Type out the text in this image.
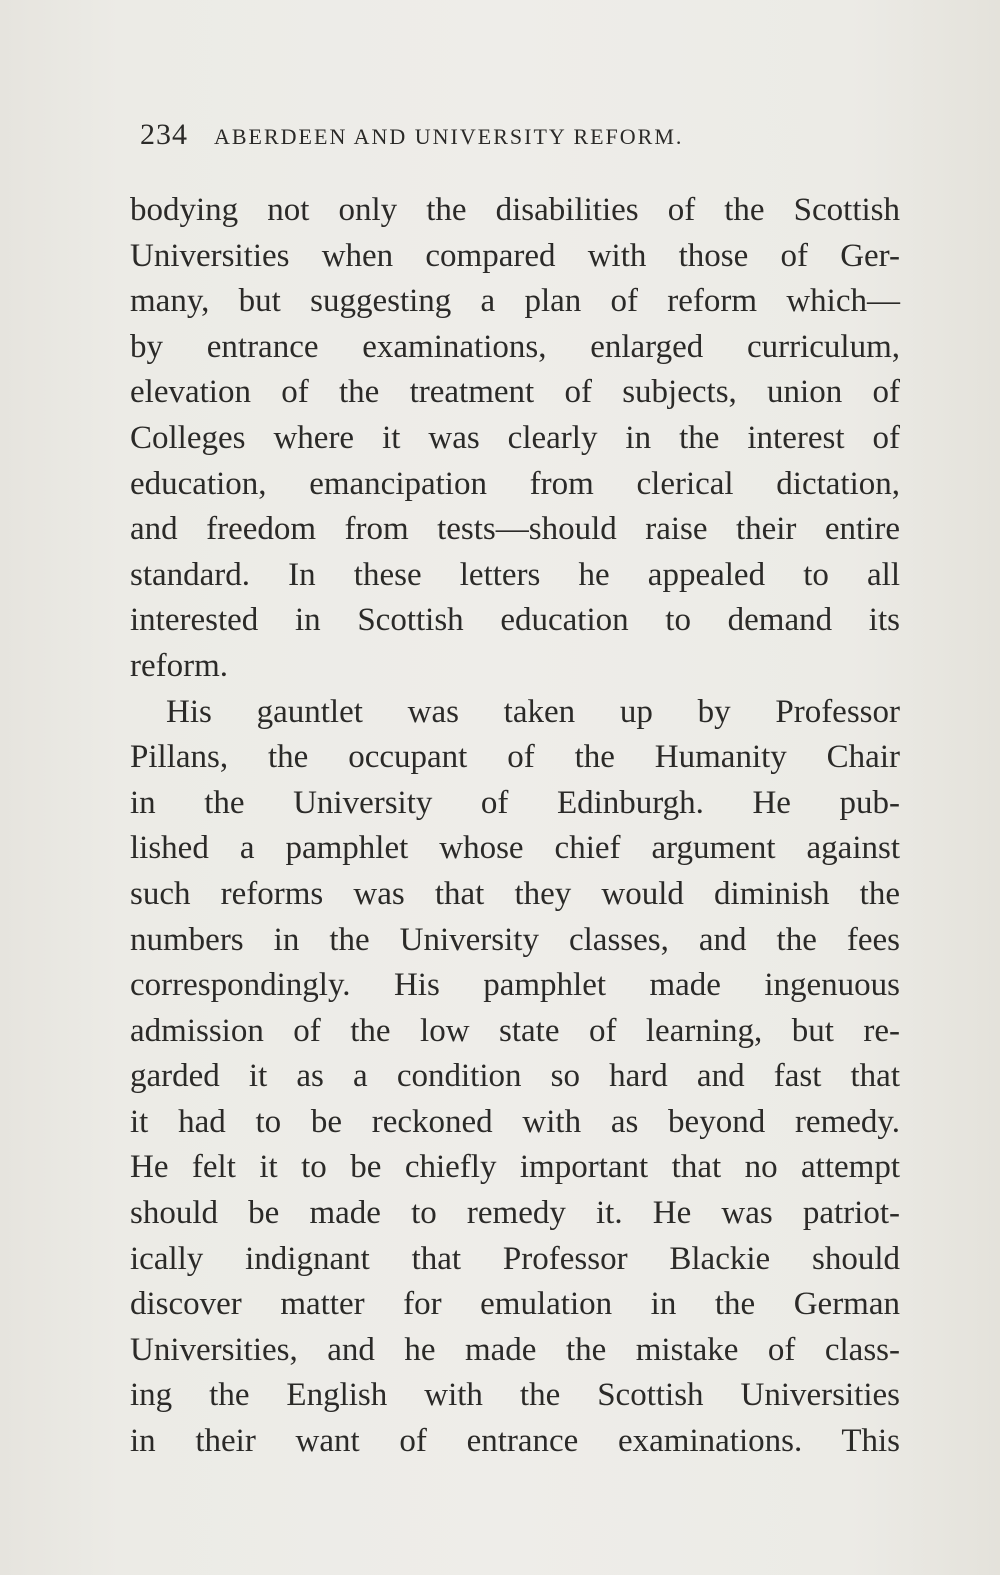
234 ABERDEEN AND UNIVERSITY REFORM.
bodying not only the disabilities of the Scottish
Universities when compared with those of Ger-
many, but suggesting a plan of reform which—
by entrance examinations, enlarged curriculum,
elevation of the treatment of subjects, union of
Colleges where it was clearly in the interest of
education, emancipation from clerical dictation,
and freedom from tests—should raise their entire
standard. In these letters he appealed to all
interested in Scottish education to demand its
reform.
His gauntlet was taken up by Professor
Pillans, the occupant of the Humanity Chair
in the University of Edinburgh. He pub-
lished a pamphlet whose chief argument against
such reforms was that they would diminish the
numbers in the University classes, and the fees
correspondingly. His pamphlet made ingenuous
admission of the low state of learning, but re-
garded it as a condition so hard and fast that
it had to be reckoned with as beyond remedy.
He felt it to be chiefly important that no attempt
should be made to remedy it. He was patriot-
ically indignant that Professor Blackie should
discover matter for emulation in the German
Universities, and he made the mistake of class-
ing the English with the Scottish Universities
in their want of entrance examinations. This
